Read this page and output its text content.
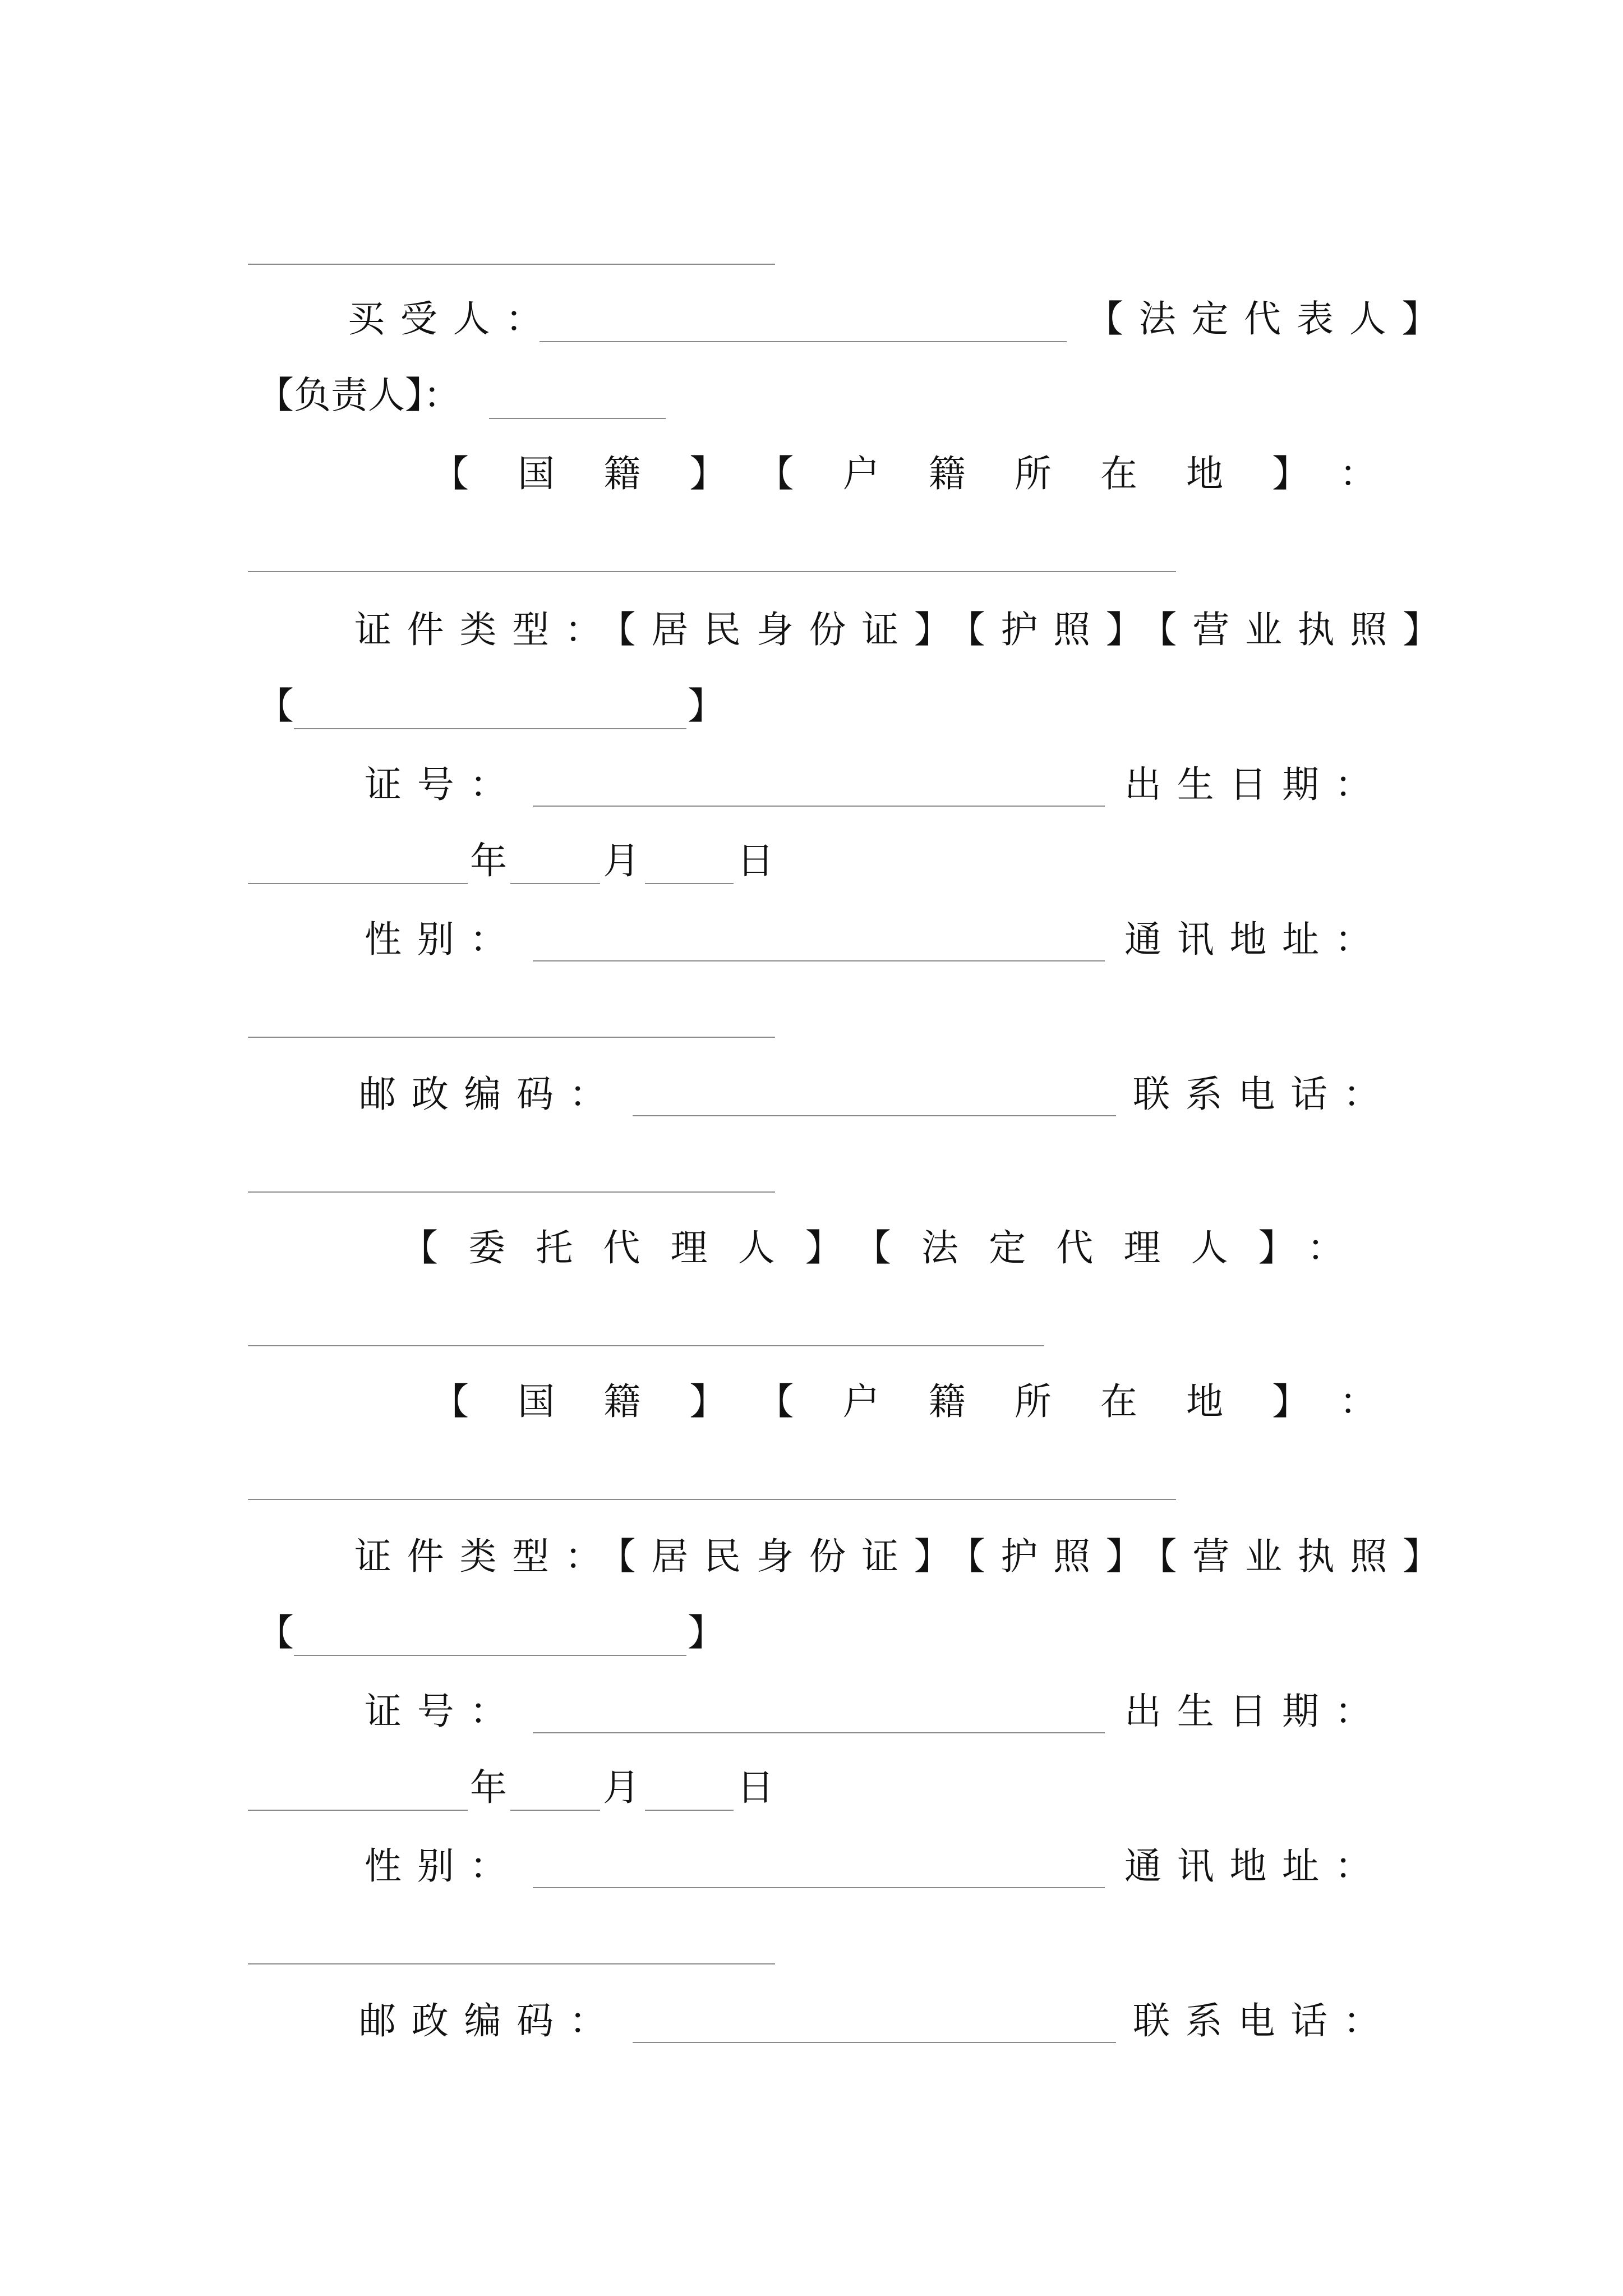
买受人：	【法定代表人】
【负责人】：
【国籍】【户籍所在地】：
证件类型：【居民身份证】【护照】【营业执照】
【	】
证号：	出生日期：
年	月	日
性别：	通讯地址：
邮政编码：	联系电话：
【委托代理人】【法定代理人】：
【国籍】【户籍所在地】：
证件类型：【居民身份证】【护照】【营业执照】
【	】
证号：	出生日期：
年	月	日
性别：	通讯地址：
邮政编码：	联系电话：
